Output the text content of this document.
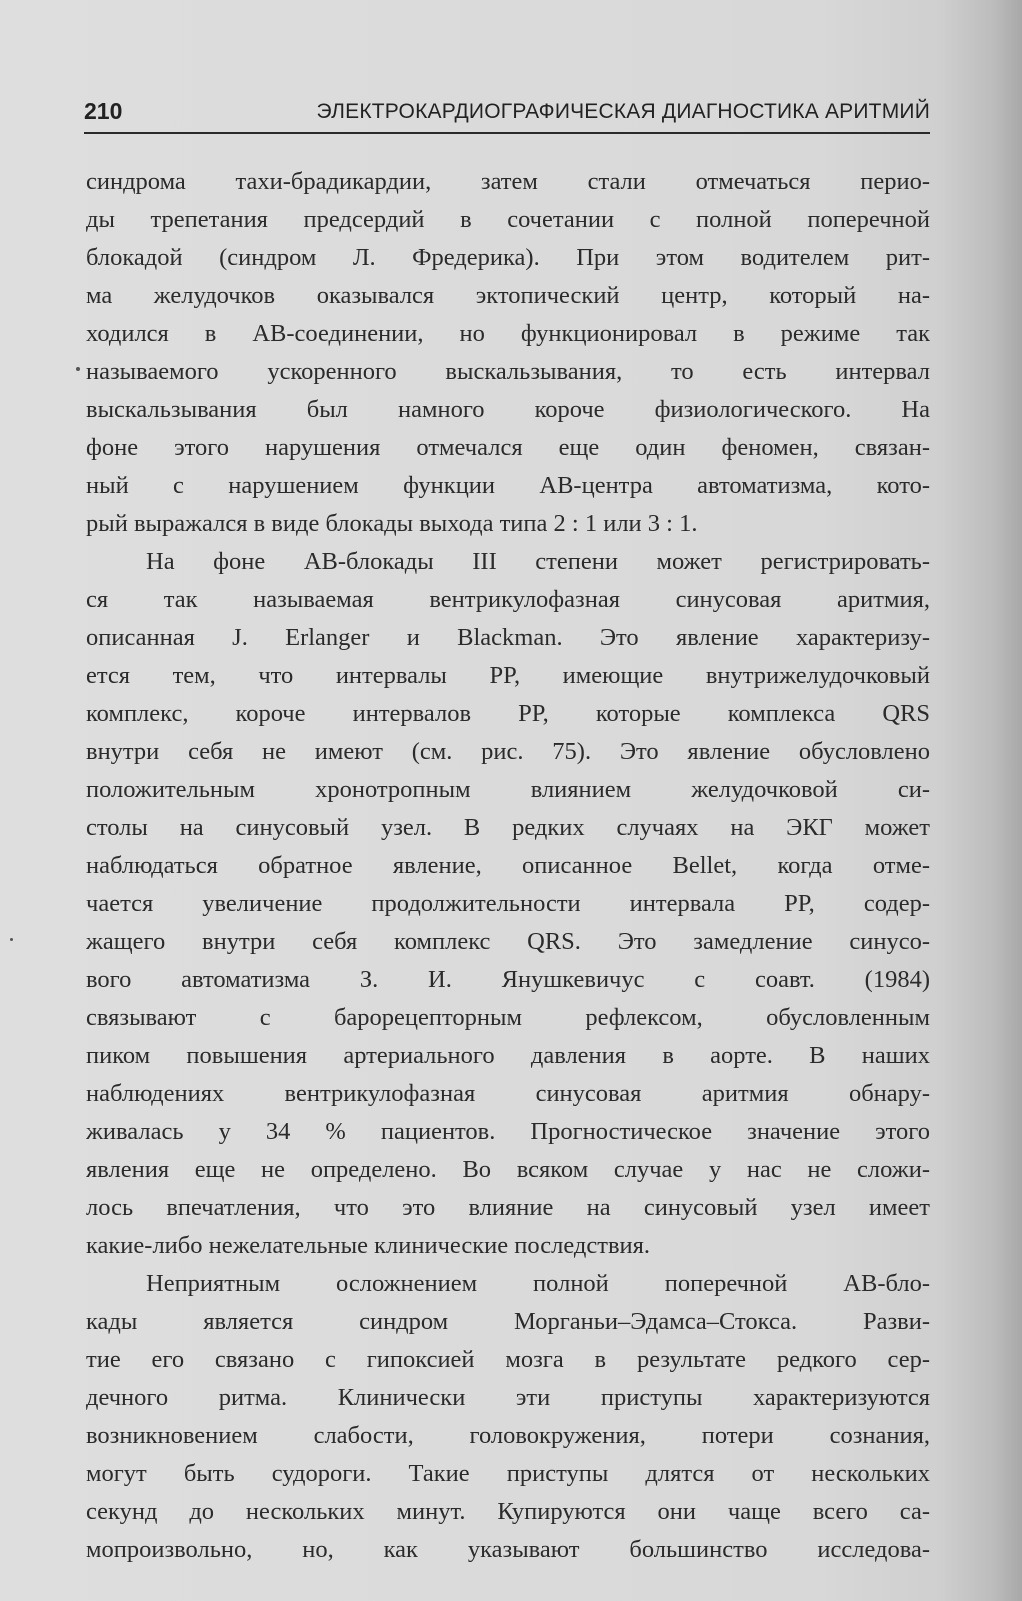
210	ЭЛЕКТРОКАРДИОГРАФИЧЕСКАЯ ДИАГНОСТИКА АРИТМИЙ
синдрома тахи-брадикардии, затем стали отмечаться перио-
ды трепетания предсердий в сочетании с полной поперечной
блокадой (синдром Л. Фредерика). При этом водителем рит-
ма желудочков оказывался эктопический центр, который на-
ходился в АВ-соединении, но функционировал в режиме так
называемого ускоренного выскальзывания, то есть интервал
выскальзывания был намного короче физиологического. На
фоне этого нарушения отмечался еще один феномен, связан-
ный с нарушением функции АВ-центра автоматизма, кото-
рый выражался в виде блокады выхода типа 2 : 1 или 3 : 1.
На фоне АВ-блокады III степени может регистрировать-
ся так называемая вентрикулофазная синусовая аритмия,
описанная J. Erlanger и Blackman. Это явление характеризу-
ется тем, что интервалы PP, имеющие внутрижелудочковый
комплекс, короче интервалов PP, которые комплекса QRS
внутри себя не имеют (см. рис. 75). Это явление обусловлено
положительным хронотропным влиянием желудочковой си-
столы на синусовый узел. В редких случаях на ЭКГ может
наблюдаться обратное явление, описанное Bellet, когда отме-
чается увеличение продолжительности интервала PP, содер-
жащего внутри себя комплекс QRS. Это замедление синусо-
вого автоматизма З. И. Янушкевичус с соавт. (1984)
связывают с барорецепторным рефлексом, обусловленным
пиком повышения артериального давления в аорте. В наших
наблюдениях вентрикулофазная синусовая аритмия обнару-
живалась у 34 % пациентов. Прогностическое значение этого
явления еще не определено. Во всяком случае у нас не сложи-
лось впечатления, что это влияние на синусовый узел имеет
какие-либо нежелательные клинические последствия.
Неприятным осложнением полной поперечной АВ-бло-
кады является синдром Морганьи–Эдамса–Стокса. Разви-
тие его связано с гипоксией мозга в результате редкого сер-
дечного ритма. Клинически эти приступы характеризуются
возникновением слабости, головокружения, потери сознания,
могут быть судороги. Такие приступы длятся от нескольких
секунд до нескольких минут. Купируются они чаще всего са-
мопроизвольно, но, как указывают большинство исследова-
